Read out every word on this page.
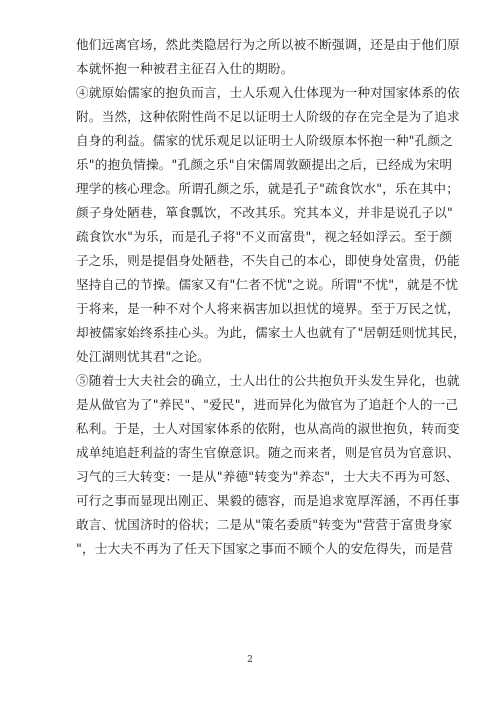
他们远离官场，然此类隐居行为之所以被不断强调，还是由于他们原
本就怀抱一种被君主征召入仕的期盼。
④就原始儒家的抱负而言，士人乐观入仕体现为一种对国家体系的依
附。当然，这种依附性尚不足以证明士人阶级的存在完全是为了追求
自身的利益。儒家的忧乐观足以证明士人阶级原本怀抱一种"孔颜之
乐"的抱负情操。"孔颜之乐"自宋儒周敦颐提出之后，已经成为宋明
理学的核心理念。所谓孔颜之乐，就是孔子"疏食饮水"，乐在其中；
颜子身处陋巷，箪食瓢饮，不改其乐。究其本义，并非是说孔子以"
疏食饮水"为乐，而是孔子将"不义而富贵"，视之轻如浮云。至于颜
子之乐，则是提倡身处陋巷，不失自己的本心，即使身处富贵，仍能
坚持自己的节操。儒家又有"仁者不忧"之说。所谓"不忧"，就是不忧
于将来，是一种不对个人将来祸害加以担忧的境界。至于万民之忧，
却被儒家始终系挂心头。为此，儒家士人也就有了"居朝廷则忧其民，
处江湖则忧其君"之论。
⑤随着士大夫社会的确立，士人出仕的公共抱负开头发生异化，也就
是从做官为了"养民"、"爱民"，进而异化为做官为了追赶个人的一己
私利。于是，士人对国家体系的依附，也从高尚的淑世抱负，转而变
成单纯追赶利益的寄生官僚意识。随之而来者，则是官员为官意识、
习气的三大转变：一是从"养德"转变为"养态"，士大夫不再为可怒、
可行之事而显现出刚正、果毅的德容，而是追求宽厚浑涵，不再任事
敢言、忧国济时的俗状；二是从"策名委质"转变为"营营于富贵身家
"，士大夫不再为了任天下国家之事而不顾个人的安危得失，而是营
2
